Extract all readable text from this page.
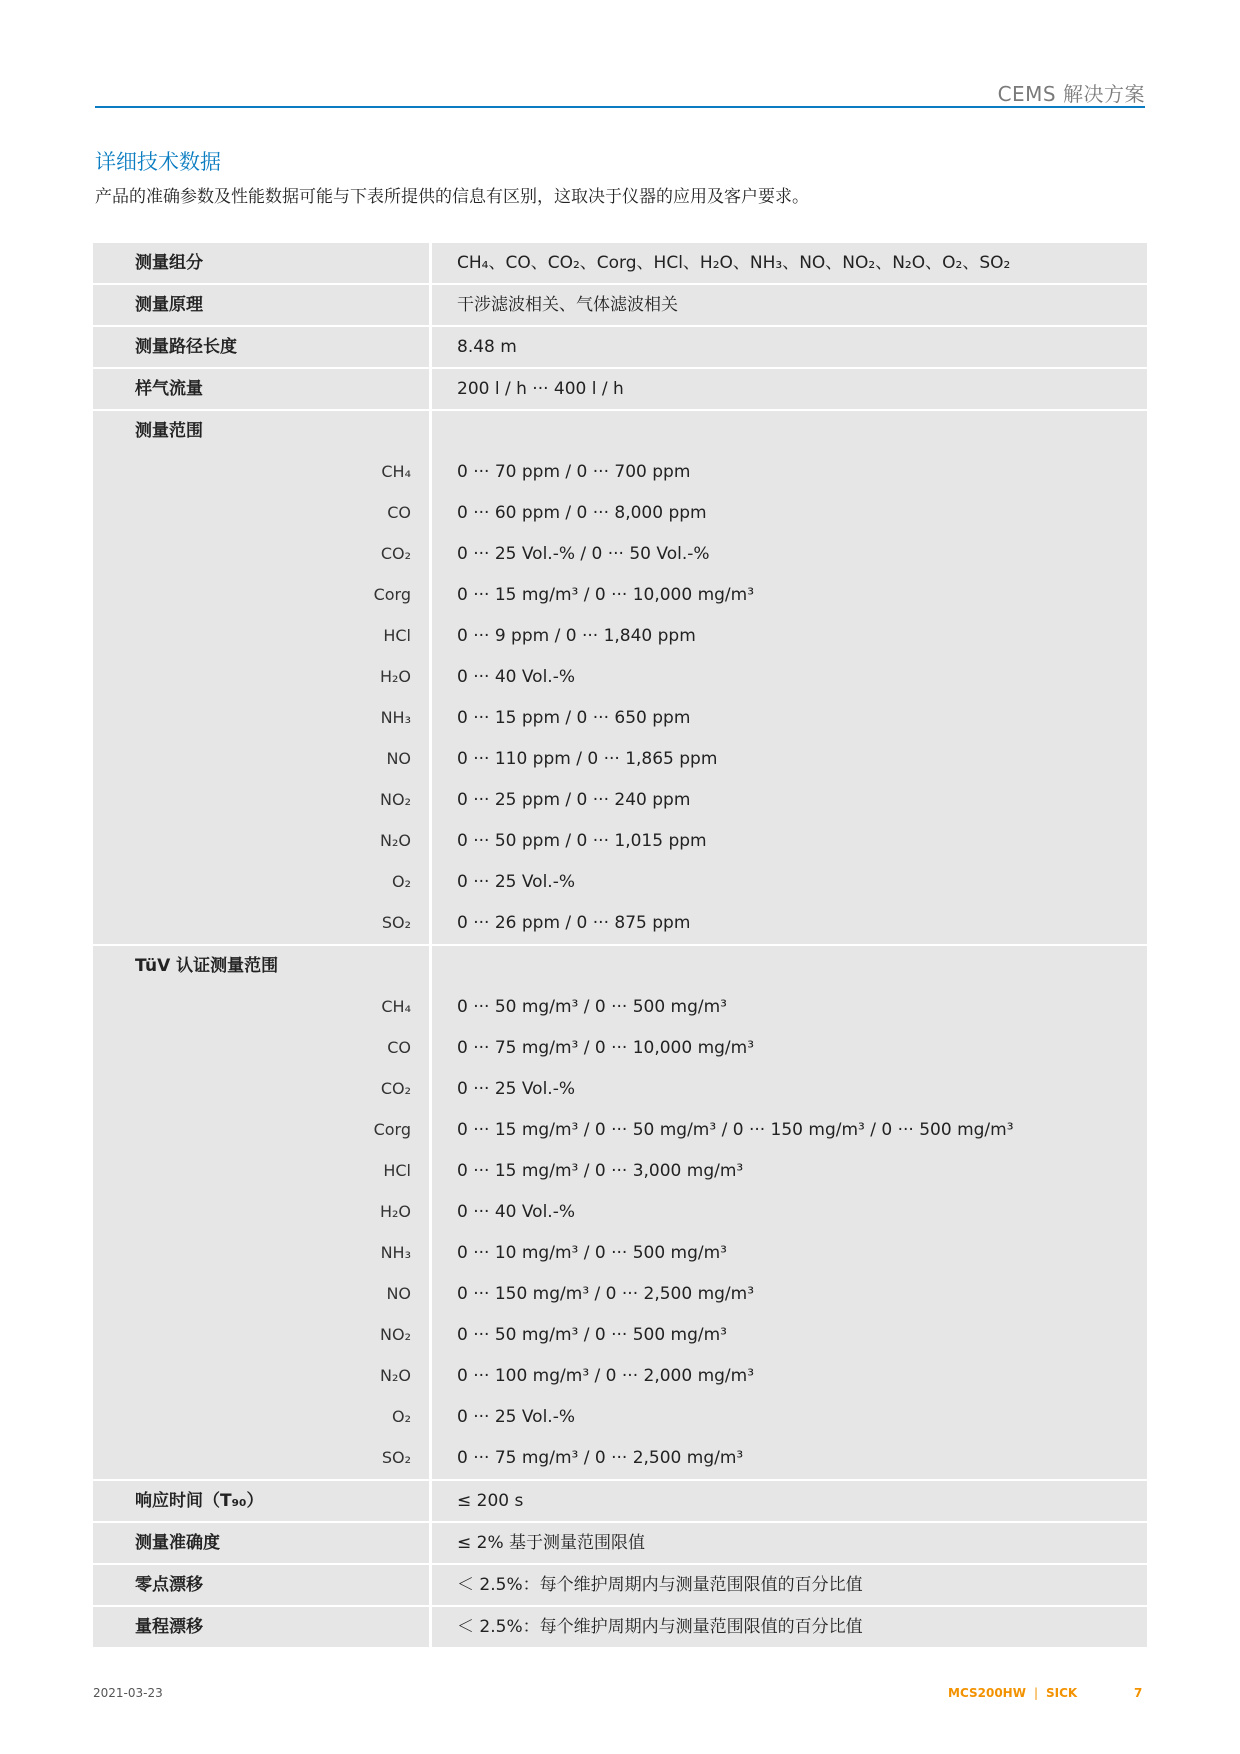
CEMS 解决方案
详细技术数据
产品的准确参数及性能数据可能与下表所提供的信息有区别，这取决于仪器的应用及客户要求。
测量组分	CH₄、CO、CO₂、Corg、HCl、H₂O、NH₃、NO、NO₂、N₂O、O₂、SO₂
测量原理	干涉滤波相关、气体滤波相关
测量路径长度	8.48 m
样气流量	200 l / h ··· 400 l / h
测量范围
CH₄	0 ··· 70 ppm / 0 ··· 700 ppm
CO	0 ··· 60 ppm / 0 ··· 8,000 ppm
CO₂	0 ··· 25 Vol.-% / 0 ··· 50 Vol.-%
Corg	0 ··· 15 mg/m³ / 0 ··· 10,000 mg/m³
HCl	0 ··· 9 ppm / 0 ··· 1,840 ppm
H₂O	0 ··· 40 Vol.-%
NH₃	0 ··· 15 ppm / 0 ··· 650 ppm
NO	0 ··· 110 ppm / 0 ··· 1,865 ppm
NO₂	0 ··· 25 ppm / 0 ··· 240 ppm
N₂O	0 ··· 50 ppm / 0 ··· 1,015 ppm
O₂	0 ··· 25 Vol.-%
SO₂	0 ··· 26 ppm / 0 ··· 875 ppm
TüV 认证测量范围
CH₄	0 ··· 50 mg/m³ / 0 ··· 500 mg/m³
CO	0 ··· 75 mg/m³ / 0 ··· 10,000 mg/m³
CO₂	0 ··· 25 Vol.-%
Corg	0 ··· 15 mg/m³ / 0 ··· 50 mg/m³ / 0 ··· 150 mg/m³ / 0 ··· 500 mg/m³
HCl	0 ··· 15 mg/m³ / 0 ··· 3,000 mg/m³
H₂O	0 ··· 40 Vol.-%
NH₃	0 ··· 10 mg/m³ / 0 ··· 500 mg/m³
NO	0 ··· 150 mg/m³ / 0 ··· 2,500 mg/m³
NO₂	0 ··· 50 mg/m³ / 0 ··· 500 mg/m³
N₂O	0 ··· 100 mg/m³ / 0 ··· 2,000 mg/m³
O₂	0 ··· 25 Vol.-%
SO₂	0 ··· 75 mg/m³ / 0 ··· 2,500 mg/m³
响应时间（T₉₀）	≤ 200 s
测量准确度	≤ 2% 基于测量范围限值
零点漂移	＜ 2.5%：每个维护周期内与测量范围限值的百分比值
量程漂移	＜ 2.5%：每个维护周期内与测量范围限值的百分比值
2021-03-23	MCS200HW | SICK	7
